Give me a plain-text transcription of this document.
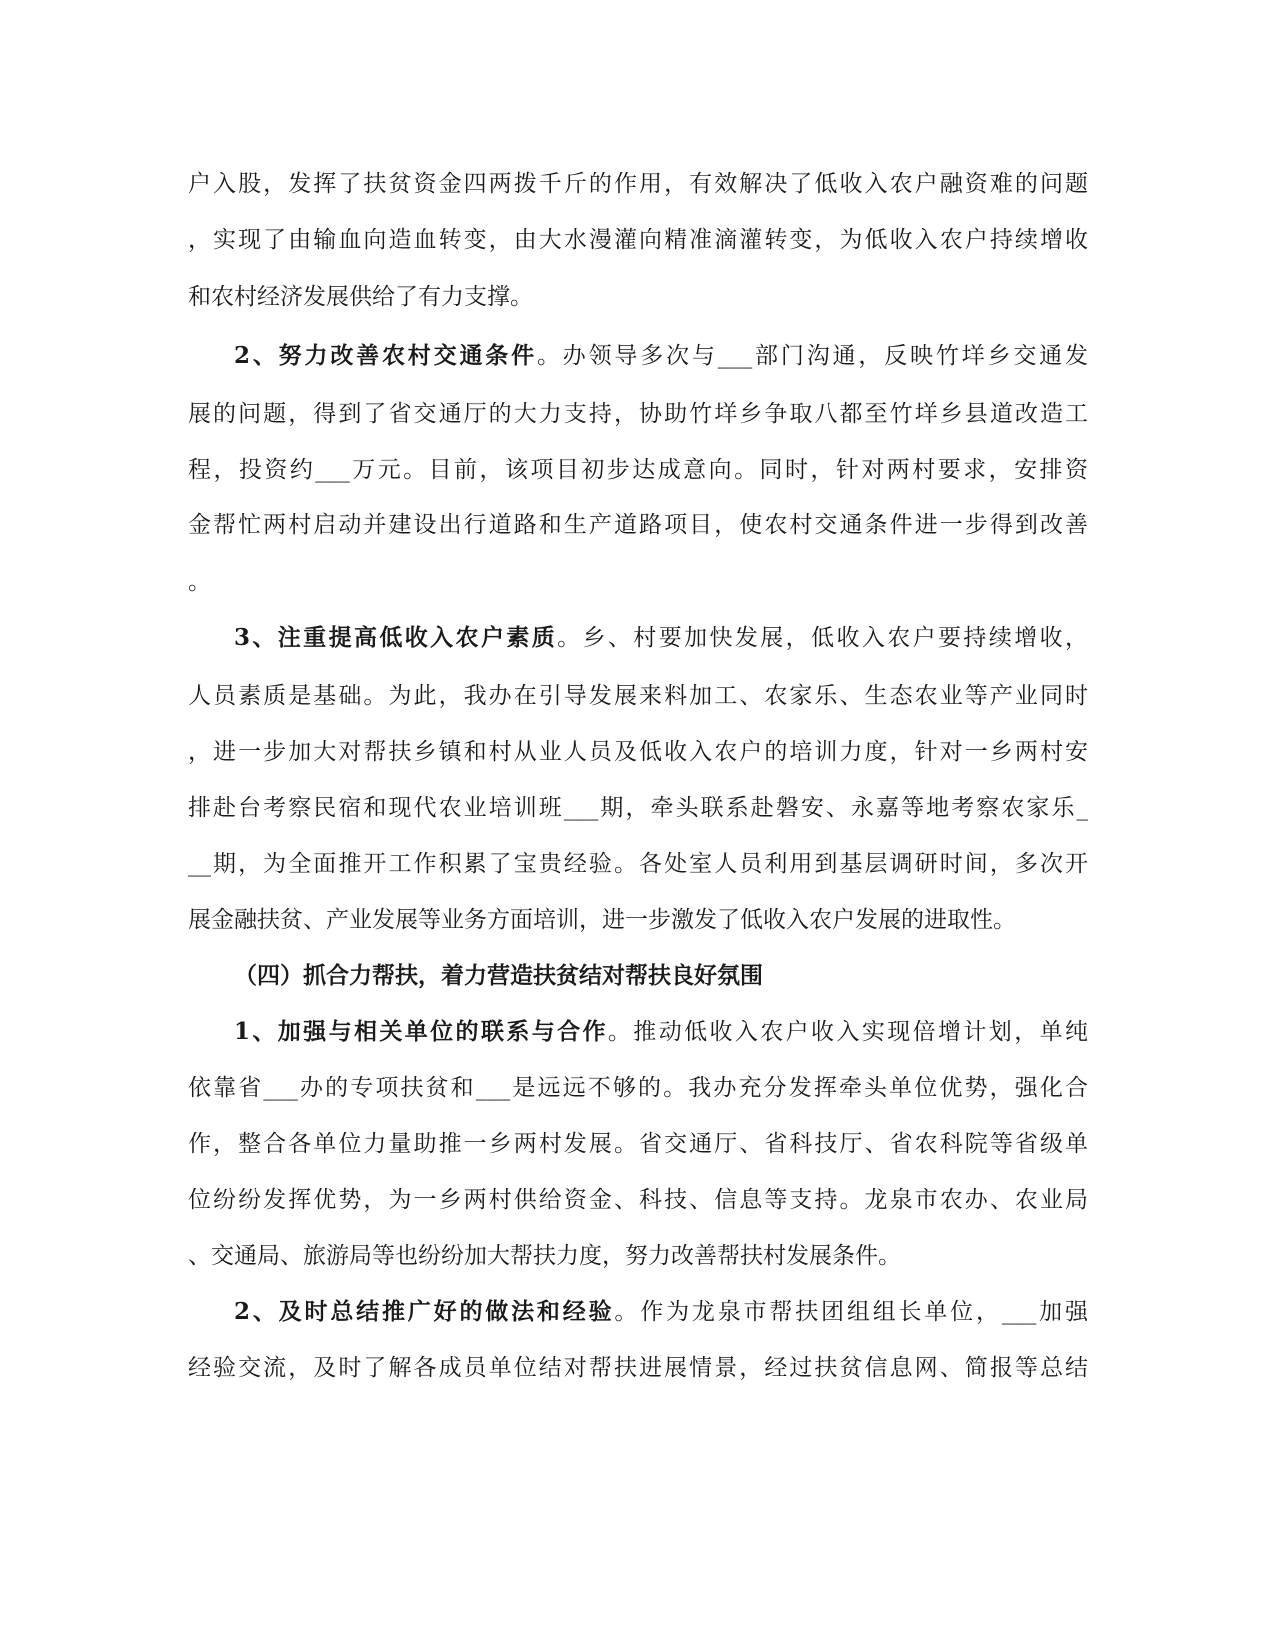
户入股，发挥了扶贫资金四两拨千斤的作用，有效解决了低收入农户融资难的问题
，实现了由输血向造血转变，由大水漫灌向精准滴灌转变，为低收入农户持续增收
和农村经济发展供给了有力支撑。
2、努力改善农村交通条件。办领导多次与___部门沟通，反映竹垟乡交通发
展的问题，得到了省交通厅的大力支持，协助竹垟乡争取八都至竹垟乡县道改造工
程，投资约___万元。目前，该项目初步达成意向。同时，针对两村要求，安排资
金帮忙两村启动并建设出行道路和生产道路项目，使农村交通条件进一步得到改善
。
3、注重提高低收入农户素质。乡、村要加快发展，低收入农户要持续增收，
人员素质是基础。为此，我办在引导发展来料加工、农家乐、生态农业等产业同时
，进一步加大对帮扶乡镇和村从业人员及低收入农户的培训力度，针对一乡两村安
排赴台考察民宿和现代农业培训班___期，牵头联系赴磐安、永嘉等地考察农家乐_
__期，为全面推开工作积累了宝贵经验。各处室人员利用到基层调研时间，多次开
展金融扶贫、产业发展等业务方面培训，进一步激发了低收入农户发展的进取性。
（四）抓合力帮扶，着力营造扶贫结对帮扶良好氛围
1、加强与相关单位的联系与合作。推动低收入农户收入实现倍增计划，单纯
依靠省___办的专项扶贫和___是远远不够的。我办充分发挥牵头单位优势，强化合
作，整合各单位力量助推一乡两村发展。省交通厅、省科技厅、省农科院等省级单
位纷纷发挥优势，为一乡两村供给资金、科技、信息等支持。龙泉市农办、农业局
、交通局、旅游局等也纷纷加大帮扶力度，努力改善帮扶村发展条件。
2、及时总结推广好的做法和经验。作为龙泉市帮扶团组组长单位，___加强
经验交流，及时了解各成员单位结对帮扶进展情景，经过扶贫信息网、简报等总结
